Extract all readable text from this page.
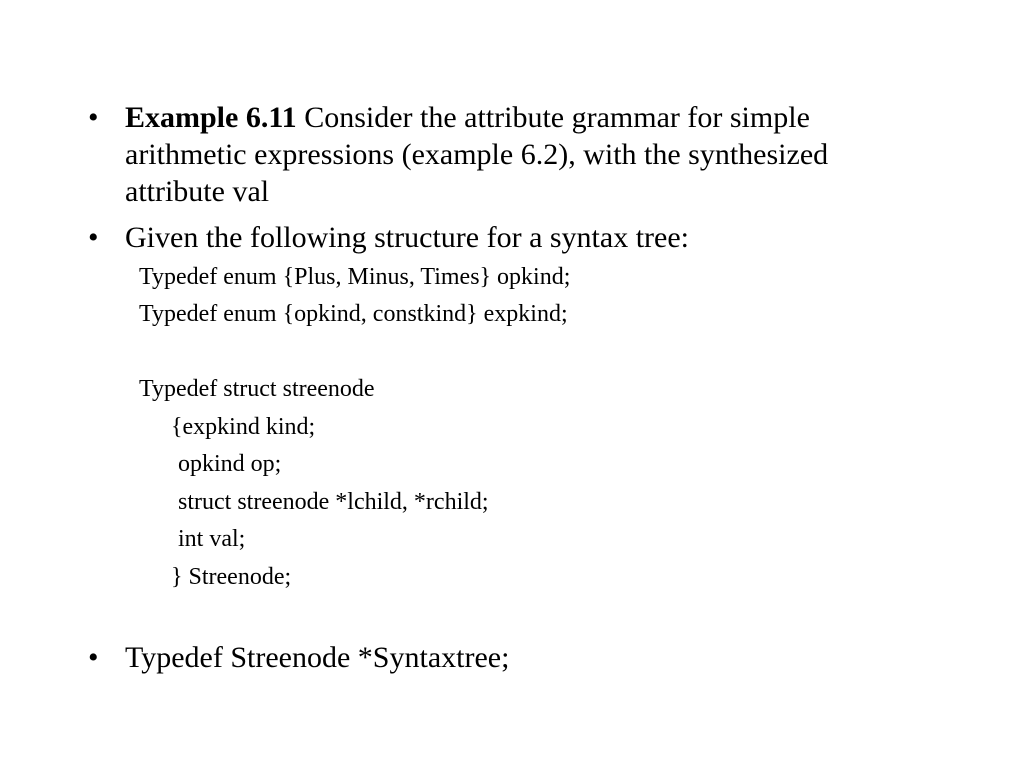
• Example 6.11 Consider the attribute grammar for simple
arithmetic expressions (example 6.2), with the synthesized
attribute val
• Given the following structure for a syntax tree:
Typedef enum {Plus, Minus, Times} opkind;
Typedef enum {opkind, constkind} expkind;
Typedef struct streenode
{expkind kind;
opkind op;
struct streenode *lchild, *rchild;
int val;
} Streenode;
• Typedef Streenode *Syntaxtree;
